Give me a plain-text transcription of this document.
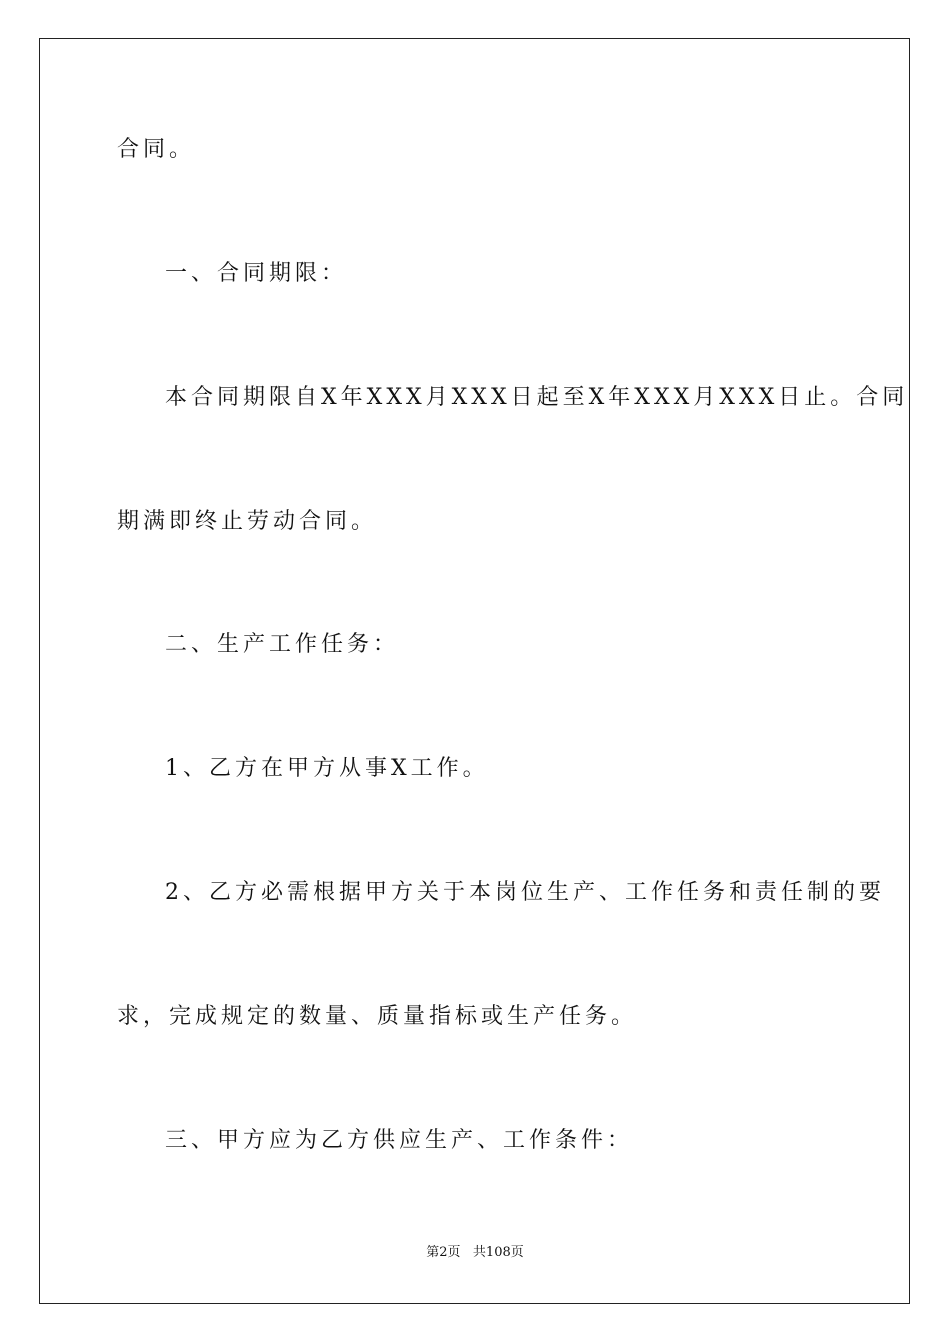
合同。
一、合同期限：
本合同期限自X年XXX月XXX日起至X年XXX月XXX日止。合同
期满即终止劳动合同。
二、生产工作任务：
1、乙方在甲方从事X工作。
2、乙方必需根据甲方关于本岗位生产、工作任务和责任制的要
求，完成规定的数量、质量指标或生产任务。
三、甲方应为乙方供应生产、工作条件：
第2页   共108页
